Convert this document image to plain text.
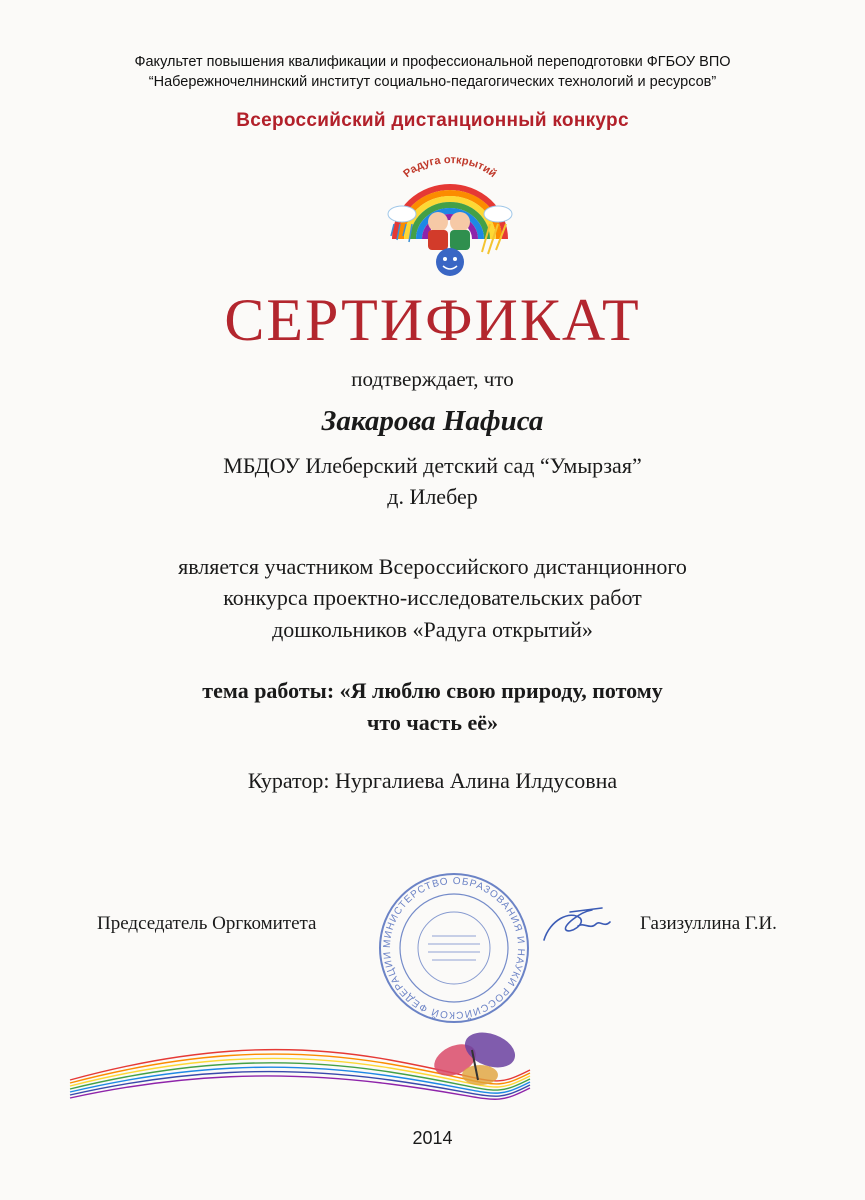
Факультет повышения квалификации и профессиональной переподготовки ФГБОУ ВПО

“Набережночелнинский институт социально-педагогических технологий и ресурсов”

Всероссийский дистанционный конкурс

Радуга открытий
СЕРТИФИКАТ

подтверждает, что

Закарова Нафиса

МБДОУ Илеберский детский сад “Умырзая”

д. Илебер

является участником Всероссийского дистанционного

конкурса проектно-исследовательских работ

дошкольников «Радуга открытий»

тема работы: «Я люблю свою природу, потому

что часть её»

Куратор: Нургалиева Алина Илдусовна

Председатель Оргкомитета
МИНИСТЕРСТВО ОБРАЗОВАНИЯ И НАУКИ РОССИЙСКОЙ ФЕДЕРАЦИИ
Газизуллина Г.И.

2014
